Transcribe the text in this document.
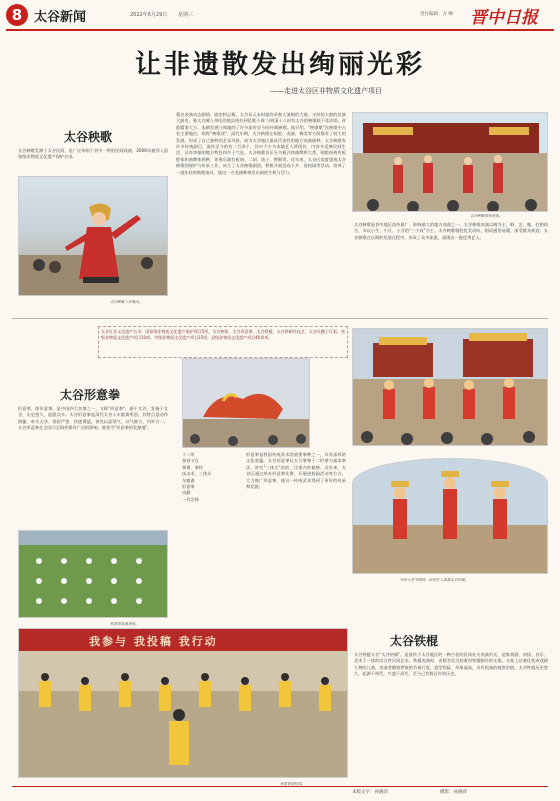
8 太谷新闻	2022年6月29日 星期三	责任编辑：方 啊 晋中日报
让非遗散发出绚丽光彩
——走进太谷区非物质文化遗产项目
太谷秧歌
太谷秧歌发源于太谷民间，是广泛传唱于晋中一带的民间戏曲，2006年被列入国家级非物质文化遗产保护名录。
太谷秧歌下乡演出。
曹皮表演动态剧情。剧史料记载，太谷从元末时就有单独人演唱的大鼓，又叫抬大鼓的民族大鼓也，被太谷城人带往的地县南拉到民歌小调 与明清十八时有太谷的秧歌联不非法唱，音韵精准大方。朱朝发展与和地的了许多流传至今的经典秧歌。据介绍，"秧歌歌"在秧歌中占有主要地位，故称"秧歌戏"。清代中期，太谷秧歌在唱腔、表演、舞美等方面都有了较大的发展，形成了自己独特的艺术风格，成为太谷地区最具代表性的地方戏曲剧种。太谷秧歌有许多传统剧目，流传至今的有二百余个，其中不少为本地艺人所创作，内容多反映民间生活，具有浓郁的地方特色和乡土气息。太谷秧歌音乐分为板式和曲牌两大类，唱腔结构有板腔体和曲牌体两种，伴奏乐器有板胡、二胡、笛子、锣鼓等。近年来，太谷区高度重视太谷秧歌的保护与传承工作，成立了太谷秧歌剧团，积极开展送戏下乡、进校园等活动，培养了一批年轻的秧歌演员，使这一古老剧种焕发出新的生机与活力。
太谷秧歌排练现场。
太谷秧歌是晋中地区流传最广、影响最大的地方戏曲之一。太谷秧歌表演以唱为主，唱、念、做、打相结合，多以小生、小旦、小丑的"三小戏"为主。太谷秧歌唱腔优美动听，唱词通俗易懂，深受群众欢迎。太谷秧歌在长期的发展过程中，形成了众多流派，涌现出一批优秀艺人。
太谷区非文化遗产名录：国家级非物质文化遗产保护项目5项，太谷秧歌、太谷形意拳、太谷铁棍、太谷饼制作技艺、太谷长穗子灯彩，省级非物质文化遗产项目10项。市级非物质文化遗产项目15项，县级非物质文化遗产项目40余项。
太谷形意拳
形意拳，即形意拳，是中国四大名拳之一，又称"形意拳"，源于太谷，发扬于太谷，历史悠久，流派众多。太谷形意拳是清代太谷人车毅斋所创，其特点是动作简捷、朴实无华、攻防严密、快速勇猛，讲究以意领气，以气催力，内外合一。太谷形意拳在全国乃至海外都有广泛的影响，被誉为"形意拳的发源地"。
十二形
拳谚又在
拳谱、拳经
技击术，三体式
车毅斋
形意拳
动静
一代宗师
形意拳是我国传统武术的重要拳种之一，具有深厚的文化底蕴。太谷形意拳以五行拳和十二形拳为基本拳法，讲究"三体式"站桩，注重内外兼修。近年来，太谷区通过举办形意拳比赛、开展进校园活动等方式，大力推广形意拳，使这一传统武术得到了更好的传承和发展。
形意拳表演现场。
每年元宵节期间，民间艺人表演太谷铁棍。
我参与 我投稿 我行动
形意拳进校园。
太谷铁棍
太谷铁棍又名"太谷抬阁"，是流传于太谷地区的一种古老的民间社火表演形式，是集戏剧、杂技、音乐、美术于一体的综合性民间艺术。铁棍表演时，由数名壮汉抬着用铁棍制作的支架，支架上站着化装成戏剧人物的儿童，表演者随着锣鼓的节奏行进，造型惊险，形象逼真，具有很高的观赏价值。太谷铁棍历史悠久，起源于明代，兴盛于清代，至今已有数百年的历史。
本版文字：孙晓萍	摄影：孙晓萍
